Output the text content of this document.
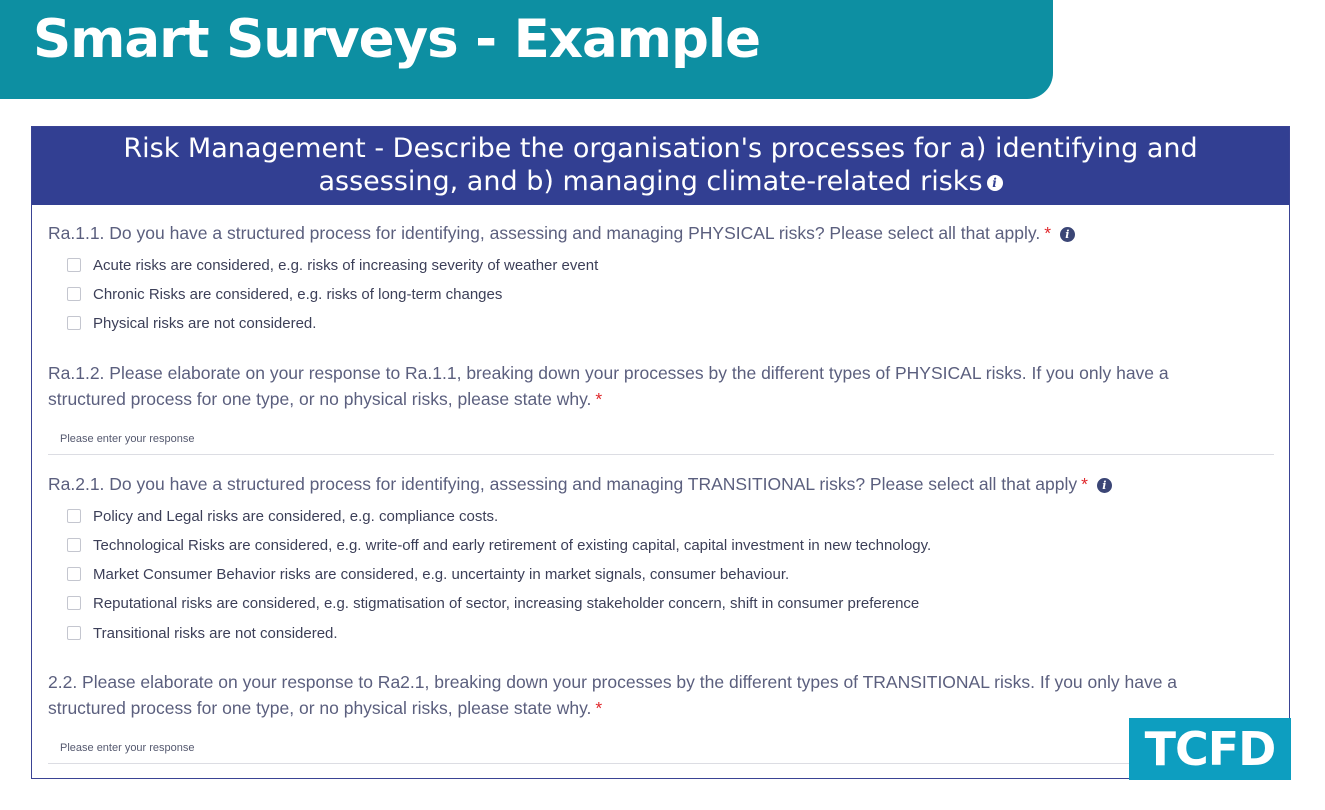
Smart Surveys - Example
Risk Management - Describe the organisation's processes for a) identifying and assessing, and b) managing climate-related risks i
Ra.1.1. Do you have a structured process for identifying, assessing and managing PHYSICAL risks? Please select all that apply. * i
Acute risks are considered, e.g. risks of increasing severity of weather event
Chronic Risks are considered, e.g. risks of long-term changes
Physical risks are not considered.
Ra.1.2. Please elaborate on your response to Ra.1.1, breaking down your processes by the different types of PHYSICAL risks. If you only have a structured process for one type, or no physical risks, please state why. *
Please enter your response
Ra.2.1. Do you have a structured process for identifying, assessing and managing TRANSITIONAL risks? Please select all that apply * i
Policy and Legal risks are considered, e.g. compliance costs.
Technological Risks are considered, e.g. write-off and early retirement of existing capital, capital investment in new technology.
Market Consumer Behavior risks are considered, e.g. uncertainty in market signals, consumer behaviour.
Reputational risks are considered, e.g. stigmatisation of sector, increasing stakeholder concern, shift in consumer preference
Transitional risks are not considered.
2.2. Please elaborate on your response to Ra2.1, breaking down your processes by the different types of TRANSITIONAL risks. If you only have a structured process for one type, or no physical risks, please state why. *
Please enter your response
TCFD
